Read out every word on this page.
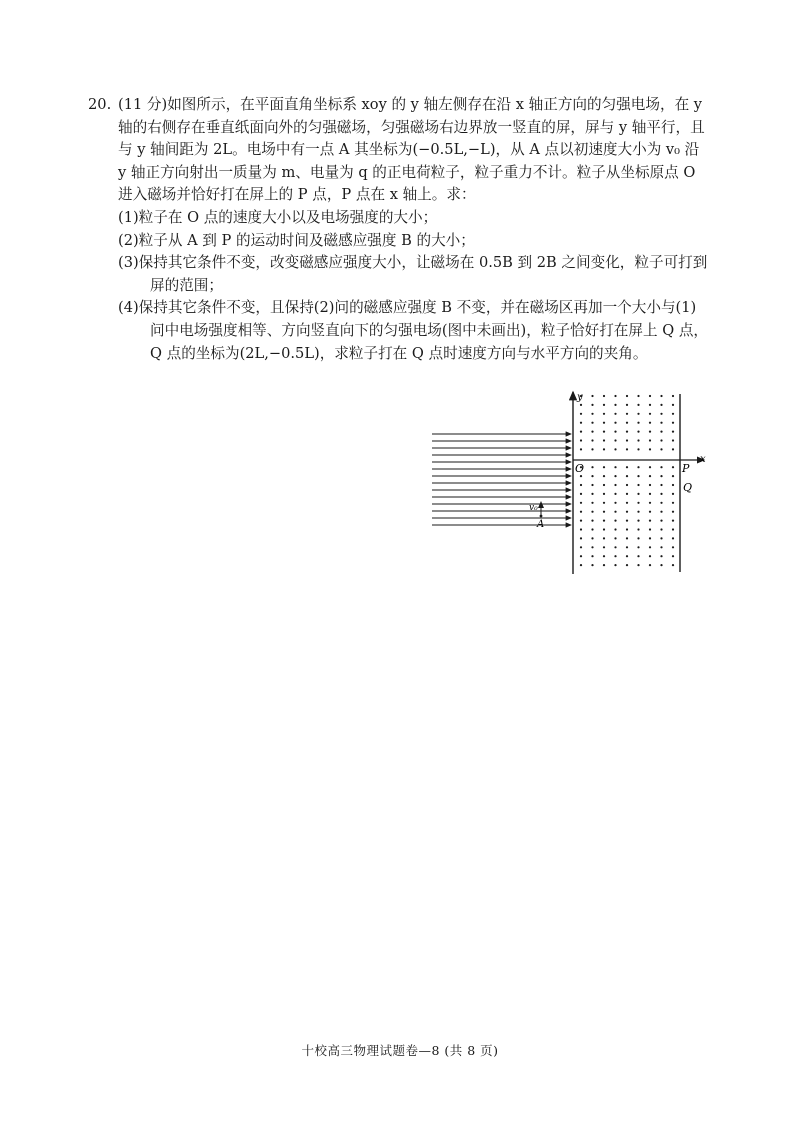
20. (11 分)如图所示，在平面直角坐标系 xoy 的 y 轴左侧存在沿 x 轴正方向的匀强电场，在 y 轴的右侧存在垂直纸面向外的匀强磁场，匀强磁场右边界放一竖直的屏，屏与 y 轴平行，且与 y 轴间距为 2L。电场中有一点 A 其坐标为(−0.5L,−L)，从 A 点以初速度大小为 v₀ 沿 y 轴正方向射出一质量为 m、电量为 q 的正电荷粒子，粒子重力不计。粒子从坐标原点 O 进入磁场并恰好打在屏上的 P 点，P 点在 x 轴上。求：
(1)粒子在 O 点的速度大小以及电场强度的大小；
(2)粒子从 A 到 P 的运动时间及磁感应强度 B 的大小；
(3)保持其它条件不变，改变磁感应强度大小，让磁场在 0.5B 到 2B 之间变化，粒子可打到屏的范围；
(4)保持其它条件不变，且保持(2)问的磁感应强度 B 不变，并在磁场区再加一个大小与(1)问中电场强度相等、方向竖直向下的匀强电场(图中未画出)，粒子恰好打在屏上 Q 点，Q 点的坐标为(2L,−0.5L)，求粒子打在 Q 点时速度方向与水平方向的夹角。
y
x
O	P
Q
v₀
A
十校高三物理试题卷—8 (共 8 页)
